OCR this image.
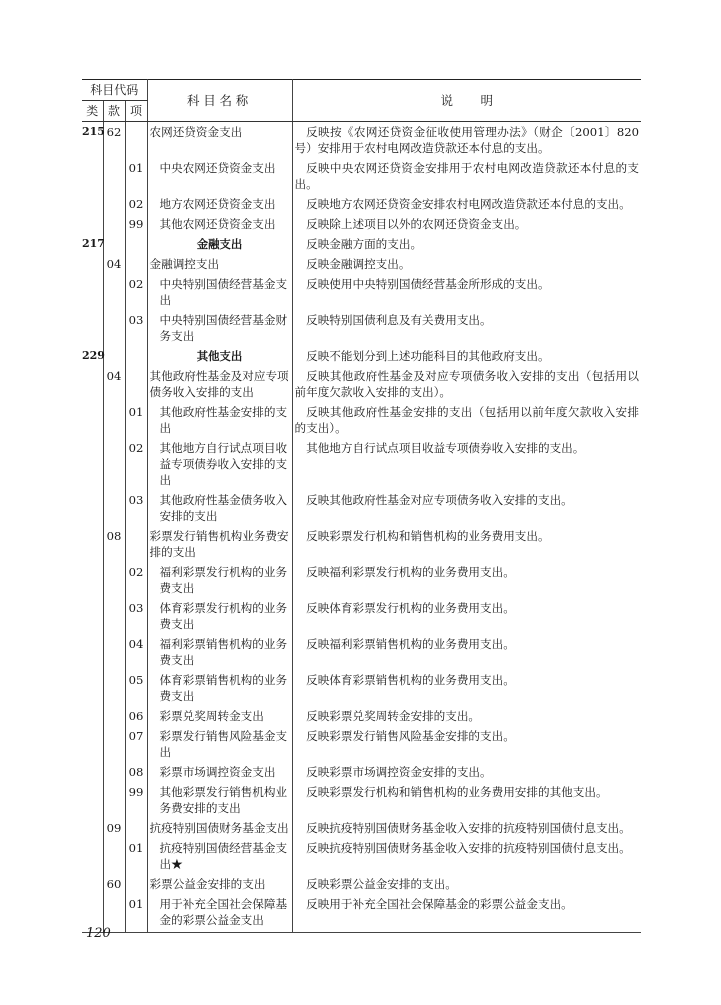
科目代码			科目名称	说明
类	款	项		
215	62		农网还贷资金支出	反映按《农网还贷资金征收使用管理办法》（财企〔2001〕820号）安排用于农村电网改造贷款还本付息的支出。
		01	中央农网还贷资金支出	反映中央农网还贷资金安排用于农村电网改造贷款还本付息的支出。
		02	地方农网还贷资金支出	反映地方农网还贷资金安排农村电网改造贷款还本付息的支出。
		99	其他农网还贷资金支出	反映除上述项目以外的农网还贷资金支出。
217			金融支出	反映金融方面的支出。
	04		金融调控支出	反映金融调控支出。
		02	中央特别国债经营基金支出	反映使用中央特别国债经营基金所形成的支出。
		03	中央特别国债经营基金财务支出	反映特别国债利息及有关费用支出。
229			其他支出	反映不能划分到上述功能科目的其他政府支出。
	04		其他政府性基金及对应专项债务收入安排的支出	反映其他政府性基金及对应专项债务收入安排的支出（包括用以前年度欠款收入安排的支出）。
		01	其他政府性基金安排的支出	反映其他政府性基金安排的支出（包括用以前年度欠款收入安排的支出）。
		02	其他地方自行试点项目收益专项债券收入安排的支出	其他地方自行试点项目收益专项债券收入安排的支出。
		03	其他政府性基金债务收入安排的支出	反映其他政府性基金对应专项债务收入安排的支出。
	08		彩票发行销售机构业务费安排的支出	反映彩票发行机构和销售机构的业务费用支出。
		02	福利彩票发行机构的业务费支出	反映福利彩票发行机构的业务费用支出。
		03	体育彩票发行机构的业务费支出	反映体育彩票发行机构的业务费用支出。
		04	福利彩票销售机构的业务费支出	反映福利彩票销售机构的业务费用支出。
		05	体育彩票销售机构的业务费支出	反映体育彩票销售机构的业务费用支出。
		06	彩票兑奖周转金支出	反映彩票兑奖周转金安排的支出。
		07	彩票发行销售风险基金支出	反映彩票发行销售风险基金安排的支出。
		08	彩票市场调控资金支出	反映彩票市场调控资金安排的支出。
		99	其他彩票发行销售机构业务费安排的支出	反映彩票发行机构和销售机构的业务费用安排的其他支出。
	09		抗疫特别国债财务基金支出	反映抗疫特别国债财务基金收入安排的抗疫特别国债付息支出。
		01	抗疫特别国债经营基金支出★	反映抗疫特别国债财务基金收入安排的抗疫特别国债付息支出。
	60		彩票公益金安排的支出	反映彩票公益金安排的支出。
		01	用于补充全国社会保障基金的彩票公益金支出	反映用于补充全国社会保障基金的彩票公益金支出。
120
